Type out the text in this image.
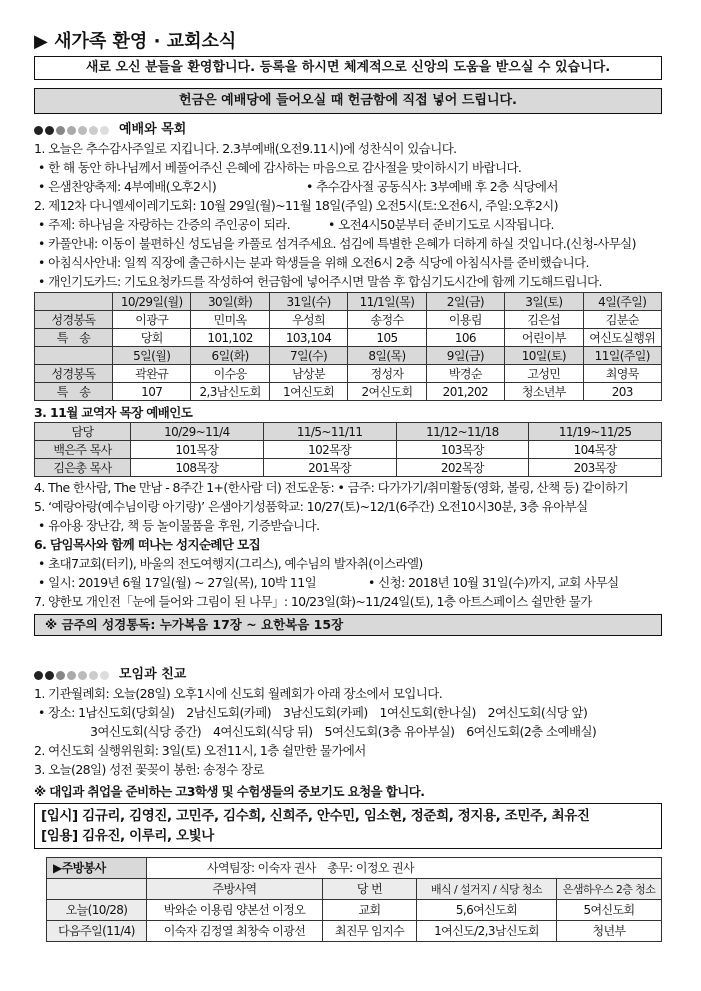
▶ 새가족 환영 · 교회소식
새로 오신 분들을 환영합니다. 등록을 하시면 체계적으로 신앙의 도움을 받으실 수 있습니다.
헌금은 예배당에 들어오실 때 헌금함에 직접 넣어 드립니다.
예배와 목회
1. 오늘은 추수감사주일로 지킵니다. 2.3부예배(오전9.11시)에 성찬식이 있습니다.
• 한 해 동안 하나님께서 베풀어주신 은혜에 감사하는 마음으로 감사절을 맞이하시기 바랍니다.
• 은샘찬양축제: 4부예배(오후2시)	• 추수감사절 공동식사: 3부예배 후 2층 식당에서
2. 제12차 다니엘세이레기도회: 10월 29일(월)~11월 18일(주일) 오전5시(토:오전6시, 주일:오후2시)
• 주제: 하나님을 자랑하는 간증의 주인공이 되라.	• 오전4시50분부터 준비기도로 시작됩니다.
• 카풀안내: 이동이 불편하신 성도님을 카풀로 섬겨주세요. 섬김에 특별한 은혜가 더하게 하실 것입니다.(신청-사무실)
• 아침식사안내: 일찍 직장에 출근하시는 분과 학생들을 위해 오전6시 2층 식당에 아침식사를 준비했습니다.
• 개인기도카드: 기도요청카드를 작성하여 헌금함에 넣어주시면 말씀 후 합심기도시간에 함께 기도해드립니다.
	10/29일(월)	30일(화)	31일(수)	11/1일(목)	2일(금)	3일(토)	4일(주일)
성경봉독	이광구	민미옥	우성희	송정수	이용림	김은섭	김분순
특　송	당회	101,102	103,104	105	106	어린이부	여신도실행위
	5일(월)	6일(화)	7일(수)	8일(목)	9일(금)	10일(토)	11일(주일)
성경봉독	곽완규	이수응	남상분	정성자	박경순	고성민	최영묵
특　송	107	2,3남신도회	1여신도회	2여신도회	201,202	청소년부	203
3. 11월 교역자 목장 예배인도
담당	10/29~11/4	11/5~11/11	11/12~11/18	11/19~11/25
백은주 목사	101목장	102목장	103목장	104목장
김은총 목사	108목장	201목장	202목장	203목장
4. The 한사람, The 만남 - 8주간 1+(한사람 더) 전도운동: • 금주: 다가가기/취미활동(영화, 볼링, 산책 등) 같이하기
5. ‘예랑아랑(예수님이랑 아기랑)’ 은샘아기성품학교: 10/27(토)~12/1(6주간) 오전10시30분, 3층 유아부실
• 유아용 장난감, 책 등 놀이물품을 후원, 기증받습니다.
6. 담임목사와 함께 떠나는 성지순례단 모집
• 초대7교회(터키), 바울의 전도여행지(그리스), 예수님의 발자취(이스라엘)
• 일시: 2019년 6월 17일(월) ~ 27일(목), 10박 11일	• 신청: 2018년 10월 31일(수)까지, 교회 사무실
7. 양한모 개인전「눈에 들어와 그림이 된 나무」: 10/23일(화)~11/24일(토), 1층 아트스페이스 쉴만한 물가
※ 금주의 성경통독: 누가복음 17장 ~ 요한복음 15장
모임과 친교
1. 기관월례회: 오늘(28일) 오후1시에 신도회 월례회가 아래 장소에서 모입니다.
• 장소: 1남신도회(당회실)　2남신도회(카페)　3남신도회(카페)　1여신도회(한나실)　2여신도회(식당 앞)
3여신도회(식당 중간)　4여신도회(식당 뒤)　5여신도회(3층 유아부실)　6여신도회(2층 소예배실)
2. 여신도회 실행위원회: 3일(토) 오전11시, 1층 쉴만한 물가에서
3. 오늘(28일) 성전 꽃꽂이 봉헌: 송정수 장로
※ 대입과 취업을 준비하는 고3학생 및 수험생들의 중보기도 요청을 합니다.
[입시] 김규리, 김영진, 고민주, 김수희, 신희주, 안수민, 임소현, 정준희, 정지용, 조민주, 최유진
[임용] 김유진, 이루리, 오빛나
▶주방봉사	사역팀장: 이숙자 권사　총무: 이정오 권사			
	주방사역	당 번	배식 / 설거지 / 식당 청소	은샘하우스 2층 청소
오늘(10/28)	박와순 이용림 양본선 이정오	교회	5,6여신도회	5여신도회
다음주일(11/4)	이숙자 김정열 최창숙 이광선	최진무 임지수	1여신도/2,3남신도회	청년부
